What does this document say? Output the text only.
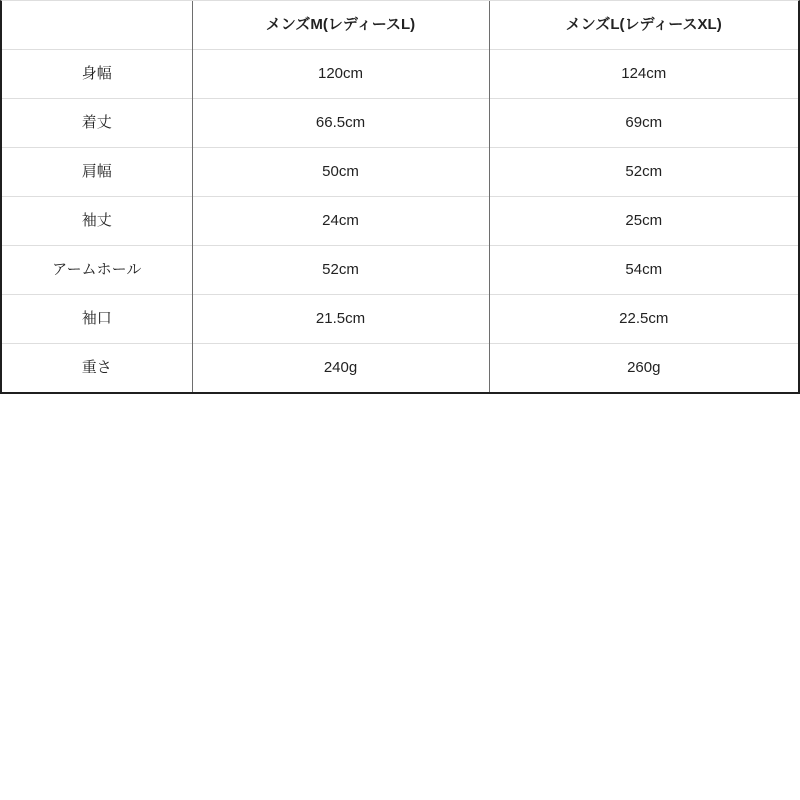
	メンズM(レディースL)	メンズL(レディースXL)
身幅	120cm	124cm
着丈	66.5cm	69cm
肩幅	50cm	52cm
袖丈	24cm	25cm
アームホール	52cm	54cm
袖口	21.5cm	22.5cm
重さ	240g	260g
